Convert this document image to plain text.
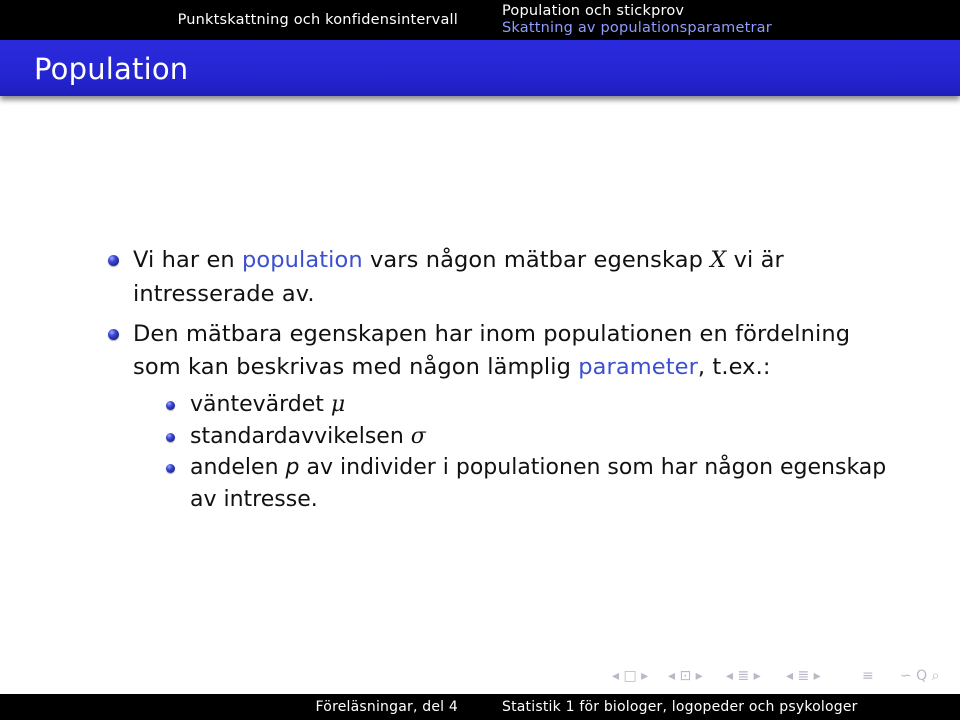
Punktskattning och konfidensintervall
Population och stickprov
Skattning av populationsparametrar
Population
Vi har en population vars någon mätbar egenskap X vi är
intresserade av.
Den mätbara egenskapen har inom populationen en fördelning
som kan beskrivas med någon lämplig parameter, t.ex.:
väntevärdet μ
standardavvikelsen σ
andelen p av individer i populationen som har någon egenskap
av intresse.
◂ □ ▸ ◂ ⊡ ▸ ◂ ≣ ▸ ◂ ≣ ▸	≡ ∽ Q ⌕
Föreläsningar, del 4	Statistik 1 för biologer, logopeder och psykologer
